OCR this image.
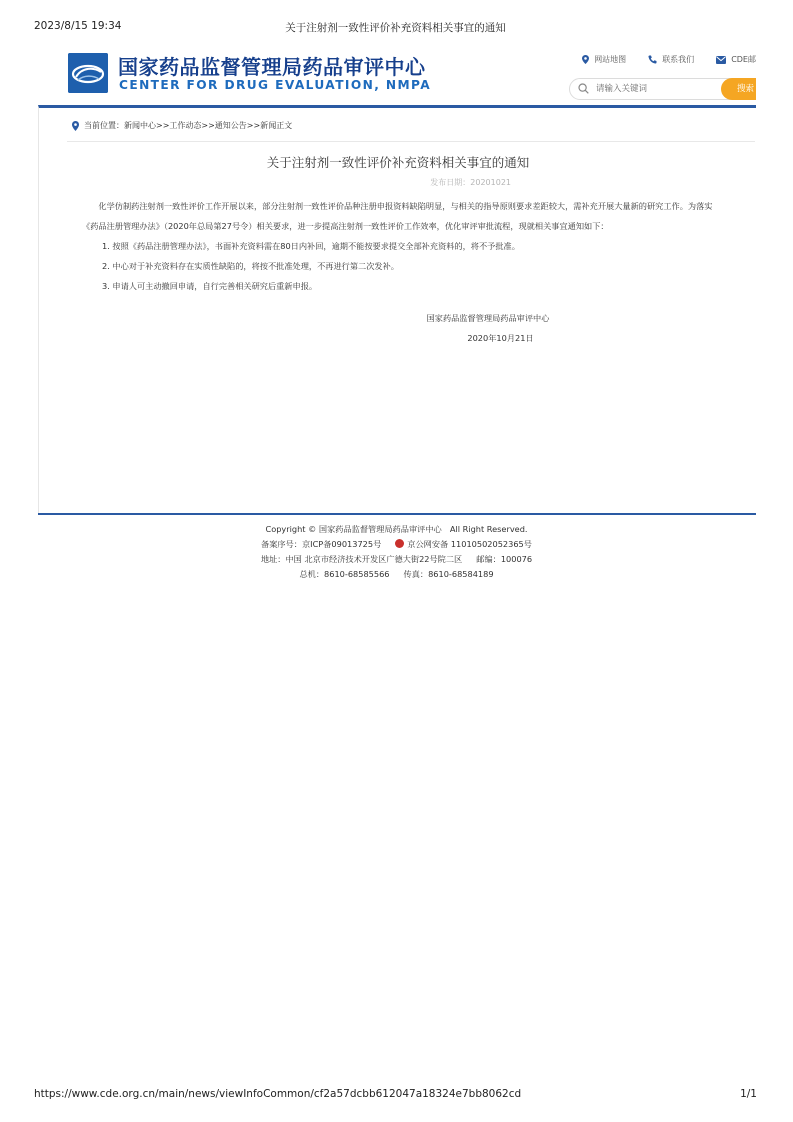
2023/8/15 19:34	关于注射剂一致性评价补充资料相关事宜的通知
国家药品监督管理局药品审评中心
CENTER FOR DRUG EVALUATION, NMPA
网站地图	联系我们	CDE邮
请输入关键词
搜索
当前位置：新闻中心>>工作动态>>通知公告>>新闻正文
关于注射剂一致性评价补充资料相关事宜的通知
发布日期：20201021

化学仿制药注射剂一致性评价工作开展以来，部分注射剂一致性评价品种注册申报资料缺陷明显，与相关的指导原则要求差距较大，需补充开展大量新的研究工作。为落实《药品注册管理办法》（2020年总局第27号令）相关要求，进一步提高注射剂一致性评价工作效率，优化审评审批流程，现就相关事宜通知如下：

1. 按照《药品注册管理办法》，书面补充资料需在80日内补回，逾期不能按要求提交全部补充资料的，将不予批准。

2. 中心对于补充资料存在实质性缺陷的，将按不批准处理，不再进行第二次发补。

3. 申请人可主动撤回申请，自行完善相关研究后重新申报。

国家药品监督管理局药品审评中心
2020年10月21日
Copyright © 国家药品监督管理局药品审评中心　All Right Reserved.
备案序号：京ICP备09013725号	京公网安备 11010502052365号
地址：中国 北京市经济技术开发区广德大街22号院二区 邮编：100076
总机：8610-68585566 传真：8610-68584189
https://www.cde.org.cn/main/news/viewInfoCommon/cf2a57dcbb612047a18324e7bb8062cd	1/1
